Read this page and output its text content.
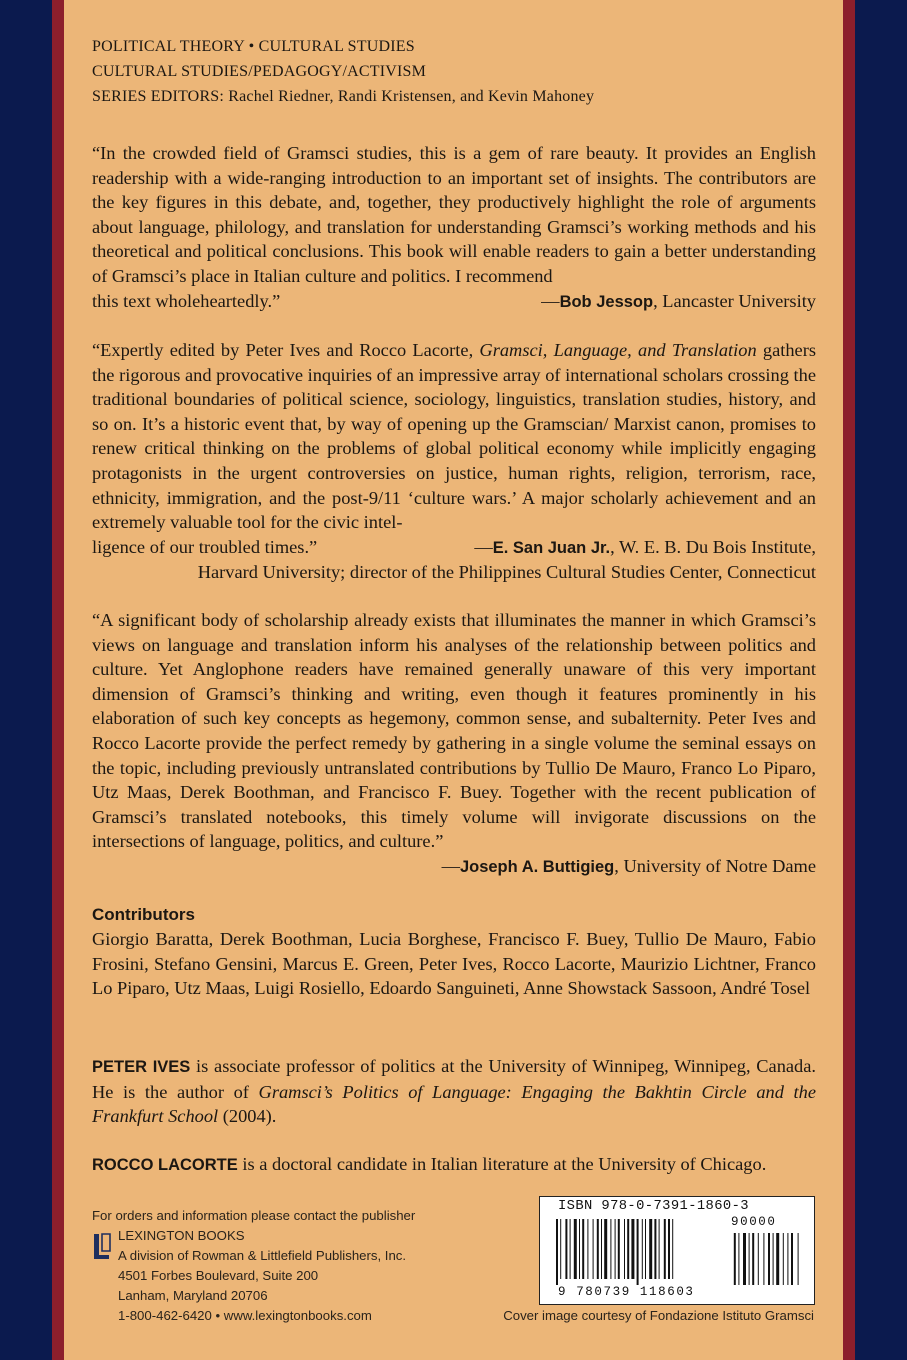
POLITICAL THEORY • CULTURAL STUDIES
CULTURAL STUDIES/PEDAGOGY/ACTIVISM
SERIES EDITORS: Rachel Riedner, Randi Kristensen, and Kevin Mahoney

“In the crowded field of Gramsci studies, this is a gem of rare beauty. It provides an English readership with a wide-ranging introduction to an important set of insights. The contributors are the key figures in this debate, and, together, they productively highlight the role of arguments about language, philology, and translation for understanding Gramsci’s working methods and his theoretical and political conclusions. This book will enable readers to gain a better understanding of Gramsci’s place in Italian culture and politics. I recommend

this text wholeheartedly.”	—Bob Jessop, Lancaster University

“Expertly edited by Peter Ives and Rocco Lacorte, Gramsci, Language, and Translation gathers the rigorous and provocative inquiries of an impressive array of international scholars crossing the traditional boundaries of political science, sociology, linguistics, translation studies, history, and so on. It’s a historic event that, by way of opening up the Gramscian/ Marxist canon, promises to renew critical thinking on the problems of global political economy while implicitly engaging protagonists in the urgent controversies on justice, human rights, religion, terrorism, race, ethnicity, immigration, and the post-9/11 ‘culture wars.’ A major scholarly achievement and an extremely valuable tool for the civic intel-

ligence of our troubled times.”	—E. San Juan Jr., W. E. B. Du Bois Institute,
Harvard University; director of the Philippines Cultural Studies Center, Connecticut

“A significant body of scholarship already exists that illuminates the manner in which Gramsci’s views on language and translation inform his analyses of the relationship between politics and culture. Yet Anglophone readers have remained generally unaware of this very important dimension of Gramsci’s thinking and writing, even though it features prominently in his elaboration of such key concepts as hegemony, common sense, and subalternity. Peter Ives and Rocco Lacorte provide the perfect remedy by gathering in a single volume the seminal essays on the topic, including previously untranslated contributions by Tullio De Mauro, Franco Lo Piparo, Utz Maas, Derek Boothman, and Francisco F. Buey. Together with the recent publication of Gramsci’s translated notebooks, this timely volume will invigorate discussions on the intersections of language, politics, and culture.”

—Joseph A. Buttigieg, University of Notre Dame
Contributors

Giorgio Baratta, Derek Boothman, Lucia Borghese, Francisco F. Buey, Tullio De Mauro, Fabio Frosini, Stefano Gensini, Marcus E. Green, Peter Ives, Rocco Lacorte, Maurizio Lichtner, Franco Lo Piparo, Utz Maas, Luigi Rosiello, Edoardo Sanguineti, Anne Showstack Sassoon, André Tosel

PETER IVES is associate professor of politics at the University of Winnipeg, Winnipeg, Canada. He is the author of Gramsci’s Politics of Language: Engaging the Bakhtin Circle and the Frankfurt School (2004).

ROCCO LACORTE is a doctoral candidate in Italian literature at the University of Chicago.

For orders and information please contact the publisher
LEXINGTON BOOKS
A division of Rowman & Littlefield Publishers, Inc.
4501 Forbes Boulevard, Suite 200
Lanham, Maryland 20706
1-800-462-6420 • www.lexingtonbooks.com
ISBN 978-0-7391-1860-3
90000
9 780739 118603
Cover image courtesy of Fondazione Istituto Gramsci
